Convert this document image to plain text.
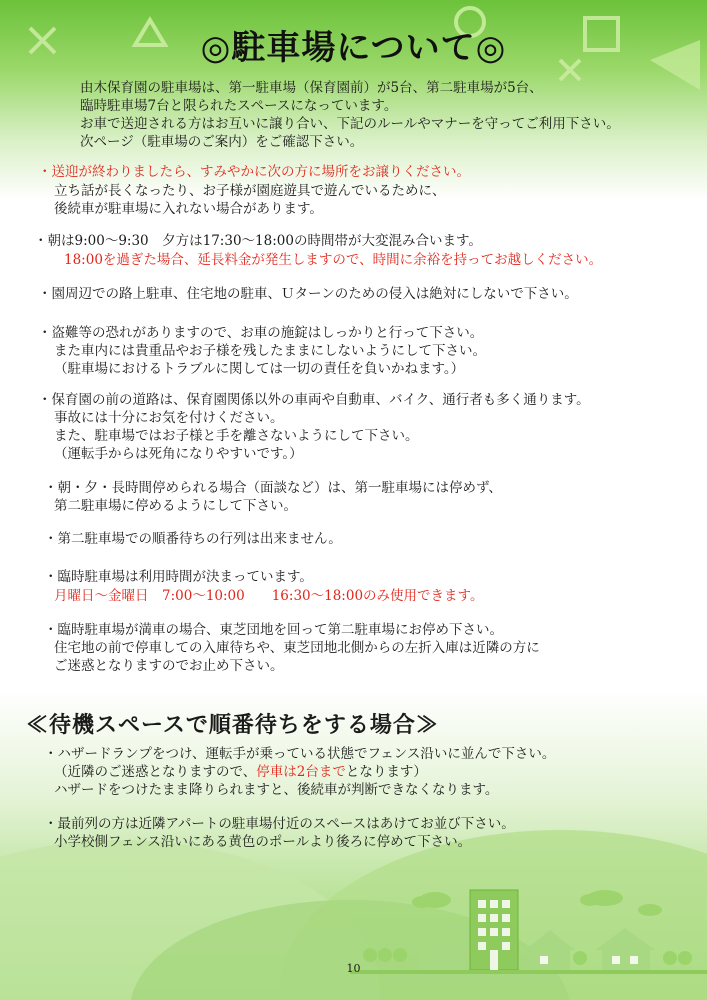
◎駐車場について◎
由木保育園の駐車場は、第一駐車場（保育園前）が5台、第二駐車場が5台、
臨時駐車場7台と限られたスペースになっています。
お車で送迎される方はお互いに譲り合い、下記のルールやマナーを守ってご利用下さい。
次ページ（駐車場のご案内）をご確認下さい。
・送迎が終わりましたら、すみやかに次の方に場所をお譲りください。
立ち話が長くなったり、お子様が園庭遊具で遊んでいるために、
後続車が駐車場に入れない場合があります。
・朝は9:00～9:30　夕方は17:30～18:00の時間帯が大変混み合います。
18:00を過ぎた場合、延長料金が発生しますので、時間に余裕を持ってお越しください。
・園周辺での路上駐車、住宅地の駐車、Ｕターンのための侵入は絶対にしないで下さい。
・盗難等の恐れがありますので、お車の施錠はしっかりと行って下さい。
また車内には貴重品やお子様を残したままにしないようにして下さい。
（駐車場におけるトラブルに関しては一切の責任を負いかねます。）
・保育園の前の道路は、保育園関係以外の車両や自動車、バイク、通行者も多く通ります。
事故には十分にお気を付けください。
また、駐車場ではお子様と手を離さないようにして下さい。
（運転手からは死角になりやすいです。）
・朝・夕・長時間停められる場合（面談など）は、第一駐車場には停めず、
第二駐車場に停めるようにして下さい。
・第二駐車場での順番待ちの行列は出来ません。
・臨時駐車場は利用時間が決まっています。
月曜日～金曜日　7:00～10:00　　16:30～18:00のみ使用できます。
・臨時駐車場が満車の場合、東芝団地を回って第二駐車場にお停め下さい。
住宅地の前で停車しての入庫待ちや、東芝団地北側からの左折入庫は近隣の方に
ご迷惑となりますのでお止め下さい。
≪待機スペースで順番待ちをする場合≫
・ハザードランプをつけ、運転手が乗っている状態でフェンス沿いに並んで下さい。
（近隣のご迷惑となりますので、停車は2台までとなります）
ハザードをつけたまま降りられますと、後続車が判断できなくなります。
・最前列の方は近隣アパートの駐車場付近のスペースはあけてお並び下さい。
小学校側フェンス沿いにある黄色のポールより後ろに停めて下さい。
10
